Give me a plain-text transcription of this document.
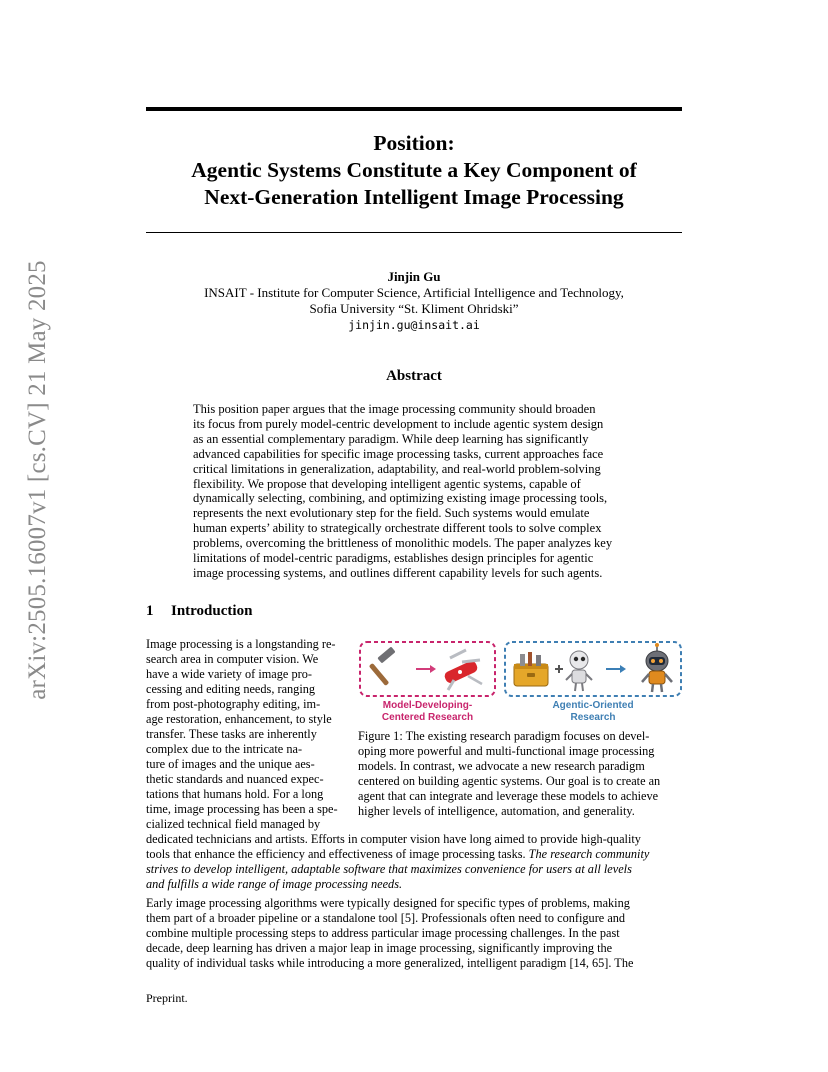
Position:
Agentic Systems Constitute a Key Component of
Next-Generation Intelligent Image Processing
arXiv:2505.16007v1 [cs.CV] 21 May 2025	Jinjin Gu
INSAIT - Institute for Computer Science, Artificial Intelligence and Technology,
Sofia University “St. Kliment Ohridski”
jinjin.gu@insait.ai
Abstract
This position paper argues that the image processing community should broaden
its focus from purely model-centric development to include agentic system design
as an essential complementary paradigm. While deep learning has significantly
advanced capabilities for specific image processing tasks, current approaches face
critical limitations in generalization, adaptability, and real-world problem-solving
flexibility. We propose that developing intelligent agentic systems, capable of
dynamically selecting, combining, and optimizing existing image processing tools,
represents the next evolutionary step for the field. Such systems would emulate
human experts’ ability to strategically orchestrate different tools to solve complex
problems, overcoming the brittleness of monolithic models. The paper analyzes key
limitations of model-centric paradigms, establishes design principles for agentic
image processing systems, and outlines different capability levels for such agents.
1 Introduction
Image processing is a longstanding re-
search area in computer vision. We
have a wide variety of image pro-
cessing and editing needs, ranging
from post-photography editing, im-
age restoration, enhancement, to style
transfer. These tasks are inherently
complex due to the intricate na-
ture of images and the unique aes-
thetic standards and nuanced expec-
tations that humans hold. For a long
time, image processing has been a spe-
cialized technical field managed by
Model-Developing-
Centered Research
Agentic-Oriented
Research
Figure 1: The existing research paradigm focuses on devel-
oping more powerful and multi-functional image processing
models. In contrast, we advocate a new research paradigm
centered on building agentic systems. Our goal is to create an
agent that can integrate and leverage these models to achieve
higher levels of intelligence, automation, and generality.
dedicated technicians and artists. Efforts in computer vision have long aimed to provide high-quality
tools that enhance the efficiency and effectiveness of image processing tasks. The research community
strives to develop intelligent, adaptable software that maximizes convenience for users at all levels
and fulfills a wide range of image processing needs.
Early image processing algorithms were typically designed for specific types of problems, making
them part of a broader pipeline or a standalone tool [5]. Professionals often need to configure and
combine multiple processing steps to address particular image processing challenges. In the past
decade, deep learning has driven a major leap in image processing, significantly improving the
quality of individual tasks while introducing a more generalized, intelligent paradigm [14, 65]. The
Preprint.
